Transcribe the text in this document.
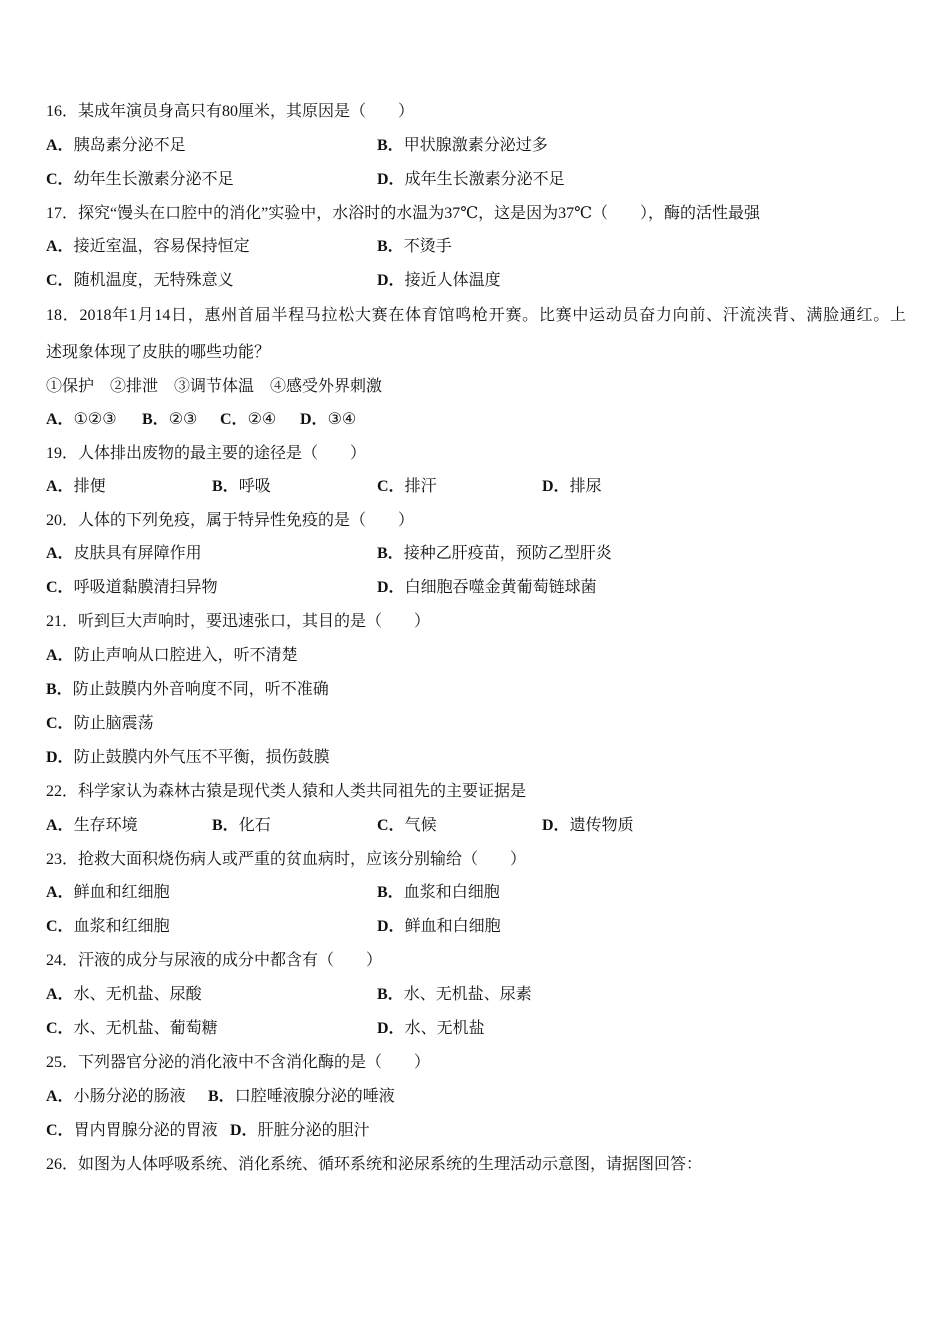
16．某成年演员身高只有80厘米，其原因是（　　）
A．胰岛素分泌不足	B．甲状腺激素分泌过多
C．幼年生长激素分泌不足	D．成年生长激素分泌不足
17．探究“馒头在口腔中的消化”实验中，水浴时的水温为37℃，这是因为37℃（　　），酶的活性最强
A．接近室温，容易保持恒定	B．不烫手
C．随机温度，无特殊意义	D．接近人体温度
18．2018年1月14日，惠州首届半程马拉松大赛在体育馆鸣枪开赛。比赛中运动员奋力向前、汗流浃背、满脸通红。上
述现象体现了皮肤的哪些功能？
①保护　②排泄　③调节体温　④感受外界刺激
A．①②③ B．②③ C．②④ D．③④
19．人体排出废物的最主要的途径是（　　）
A．排便	B．呼吸	C．排汗	D．排尿
20．人体的下列免疫，属于特异性免疫的是（　　）
A．皮肤具有屏障作用	B．接种乙肝疫苗，预防乙型肝炎
C．呼吸道黏膜清扫异物	D．白细胞吞噬金黄葡萄链球菌
21．听到巨大声响时，要迅速张口，其目的是（　　）
A．防止声响从口腔进入，听不清楚
B．防止鼓膜内外音响度不同，听不准确
C．防止脑震荡
D．防止鼓膜内外气压不平衡，损伤鼓膜
22．科学家认为森林古猿是现代类人猿和人类共同祖先的主要证据是
A．生存环境	B．化石	C．气候	D．遗传物质
23．抢救大面积烧伤病人或严重的贫血病时，应该分别输给（　　）
A．鲜血和红细胞	B．血浆和白细胞
C．血浆和红细胞	D．鲜血和白细胞
24．汗液的成分与尿液的成分中都含有（　　）
A．水、无机盐、尿酸	B．水、无机盐、尿素
C．水、无机盐、葡萄糖	D．水、无机盐
25．下列器官分泌的消化液中不含消化酶的是（　　）
A．小肠分泌的肠液 B．口腔唾液腺分泌的唾液
C．胃内胃腺分泌的胃液 D．肝脏分泌的胆汁
26．如图为人体呼吸系统、消化系统、循环系统和泌尿系统的生理活动示意图，请据图回答：
